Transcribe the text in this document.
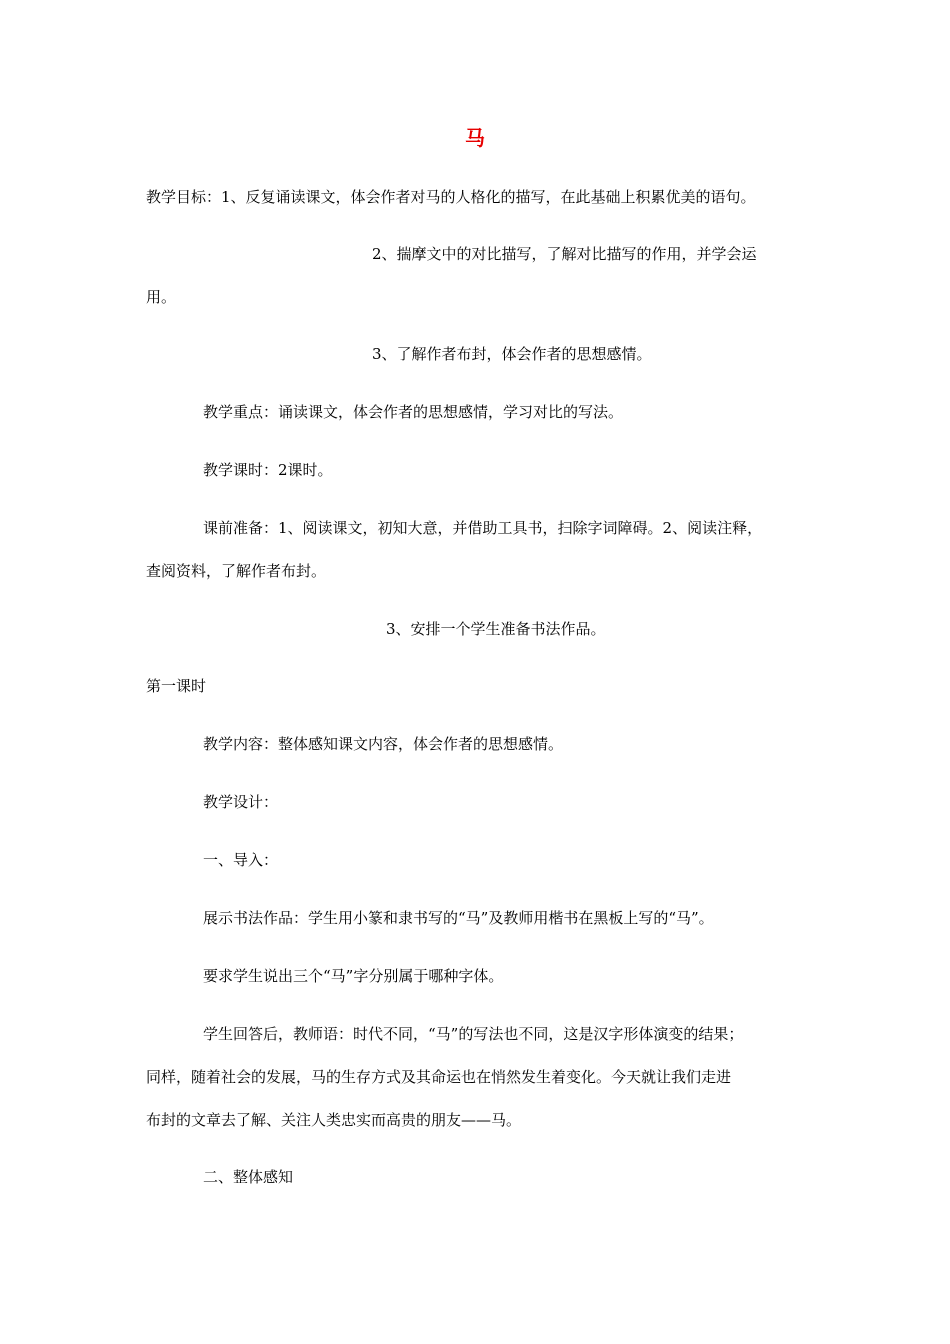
马
教学目标：1、反复诵读课文，体会作者对马的人格化的描写，在此基础上积累优美的语句。
2、揣摩文中的对比描写，了解对比描写的作用，并学会运
用。
3、了解作者布封，体会作者的思想感情。
教学重点：诵读课文，体会作者的思想感情，学习对比的写法。
教学课时：2课时。
课前准备：1、阅读课文，初知大意，并借助工具书，扫除字词障碍。2、阅读注释，
查阅资料，了解作者布封。
3、安排一个学生准备书法作品。
第一课时
教学内容：整体感知课文内容，体会作者的思想感情。
教学设计：
一、导入：
展示书法作品：学生用小篆和隶书写的“马”及教师用楷书在黑板上写的“马”。
要求学生说出三个“马”字分别属于哪种字体。
学生回答后，教师语：时代不同，“马”的写法也不同，这是汉字形体演变的结果；
同样，随着社会的发展，马的生存方式及其命运也在悄然发生着变化。今天就让我们走进
布封的文章去了解、关注人类忠实而高贵的朋友——马。
二、整体感知
